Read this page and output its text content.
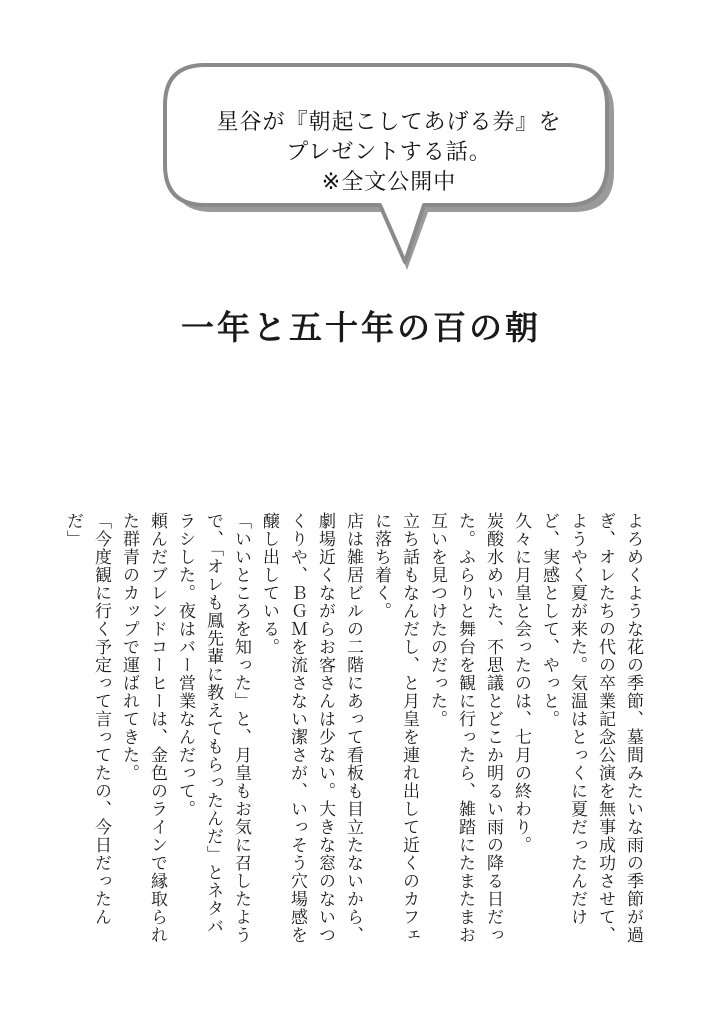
星谷が『朝起こしてあげる券』を
プレゼントする話。
※全文公開中
一年と五十年の百の朝

よろめくような花の季節、墓間みたいな雨の季節が過ぎ、オレたちの代の卒業記念公演を無事成功させて、ようやく夏が来た。気温はとっくに夏だったんだけど、実感として、やっと。

久々に月皇と会ったのは、七月の終わり。

炭酸水めいた、不思議とどこか明るい雨の降る日だった。ふらりと舞台を観に行ったら、雑踏にたまたまお互いを見つけたのだった。

立ち話もなんだし、と月皇を連れ出して近くのカフェに落ち着く。

店は雑居ビルの二階にあって看板も目立たないから、劇場近くながらお客さんは少ない。大きな窓のないつくりや、ＢＧＭを流さない潔さが、いっそう穴場感を醸し出している。

「いいところを知った」と、月皇もお気に召したようで、「オレも鳳先輩に教えてもらったんだ」とネタバラシした。夜はバー営業なんだって。

頼んだブレンドコーヒーは、金色のラインで縁取られた群青のカップで運ばれてきた。

「今度観に行く予定って言ってたの、今日だったんだ」
